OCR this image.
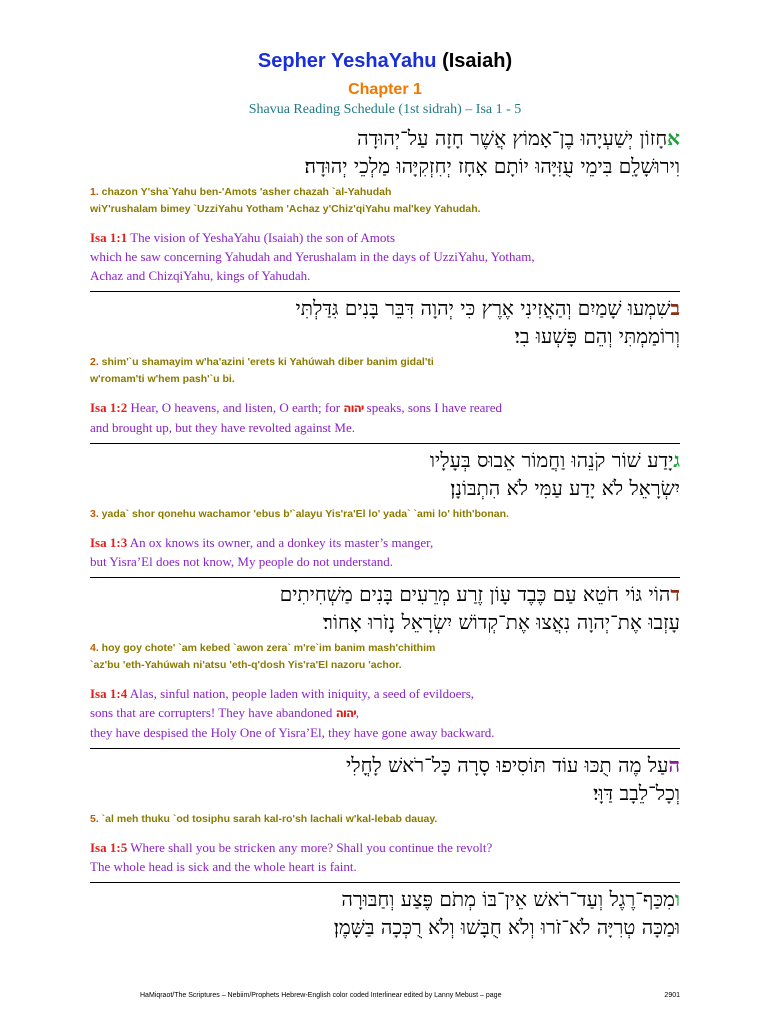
Sepher YeshaYahu (Isaiah)
Chapter 1
Shavua Reading Schedule (1st sidrah) – Isa 1 - 5
אחָזוֹן יְשַׁעְיָהוּ בֶן־אָמוֹץ אֲשֶׁר חָזָה עַל־יְהוּדָה
וִירוּשָׁלִָם בִּימֵי עֻזִּיָּהוּ יוֹתָם אָחָז יְחִזְקִיָּהוּ מַלְכֵי יְהוּדָה׃
1. chazon Y'sha`Yahu ben-'Amots 'asher chazah `al-Yahudah
wiY'rushalam bimey `UzziYahu Yotham 'Achaz y'Chiz'qiYahu mal'key Yahudah.
Isa 1:1 The vision of YeshaYahu (Isaiah) the son of Amots
which he saw concerning Yahudah and Yerushalam in the days of UzziYahu, Yotham,
Achaz and ChizqiYahu, kings of Yahudah.
בשִׁמְעוּ שָׁמַיִם וְהַאֲזִינִי אֶרֶץ כִּי יְהוָה דִּבֵּר בָּנִים גִּדַּלְתִּי
וְרוֹמַמְתִּי וְהֵם פָּשְׁעוּ בִי׃
2. shim'`u shamayim w'ha'azini 'erets ki Yahúwah diber banim gidal'ti
w'romam'ti w'hem pash'`u bi.
Isa 1:2 Hear, O heavens, and listen, O earth; for יהוה speaks, sons I have reared
and brought up, but they have revolted against Me.
גיָדַע שׁוֹר קֹנֵהוּ וַחֲמוֹר אֵבוּס בְּעָלָיו
יִשְׂרָאֵל לֹא יָדַע עַמִּי לֹא הִתְבּוֹנָן׃
3. yada` shor qonehu wachamor 'ebus b'`alayu Yis'ra'El lo' yada` `ami lo' hith'bonan.
Isa 1:3 An ox knows its owner, and a donkey its master’s manger,
but Yisra’El does not know, My people do not understand.
דהוֹי גּוֹי חֹטֵא עַם כֶּבֶד עָוֹן זֶרַע מְרֵעִים בָּנִים מַשְׁחִיתִים
עָזְבוּ אֶת־יְהוָה נִאֲצוּ אֶת־קְדוֹשׁ יִשְׂרָאֵל נָזֹרוּ אָחוֹר׃
4. hoy goy chote' `am kebed `awon zera` m're`im banim mash'chithim
`az'bu 'eth-Yahúwah ni'atsu 'eth-q'dosh Yis'ra'El nazoru 'achor.
Isa 1:4 Alas, sinful nation, people laden with iniquity, a seed of evildoers,
sons that are corrupters! They have abandoned יהוה,
they have despised the Holy One of Yisra’El, they have gone away backward.
העַל מֶה תֻכּוּ עוֹד תּוֹסִיפוּ סָרָה כָּל־רֹאשׁ לָחֳלִי
וְכָל־לֵבָב דַּוָּי׃
5. `al meh thuku `od tosiphu sarah kal-ro'sh lachali w'kal-lebab dauay.
Isa 1:5 Where shall you be stricken any more? Shall you continue the revolt?
The whole head is sick and the whole heart is faint.
ומִכַּף־רֶגֶל וְעַד־רֹאשׁ אֵין־בּוֹ מְתֹם פֶּצַע וְחַבּוּרָה
וּמַכָּה טְרִיָּה לֹא־זֹרוּ וְלֹא חֻבָּשׁוּ וְלֹא רֻכְּכָה בַּשָּׁמֶן׃
HaMiqraot/The Scriptures – Nebiim/Prophets Hebrew-English color coded Interlinear edited by Lanny Mebust – page	2901
